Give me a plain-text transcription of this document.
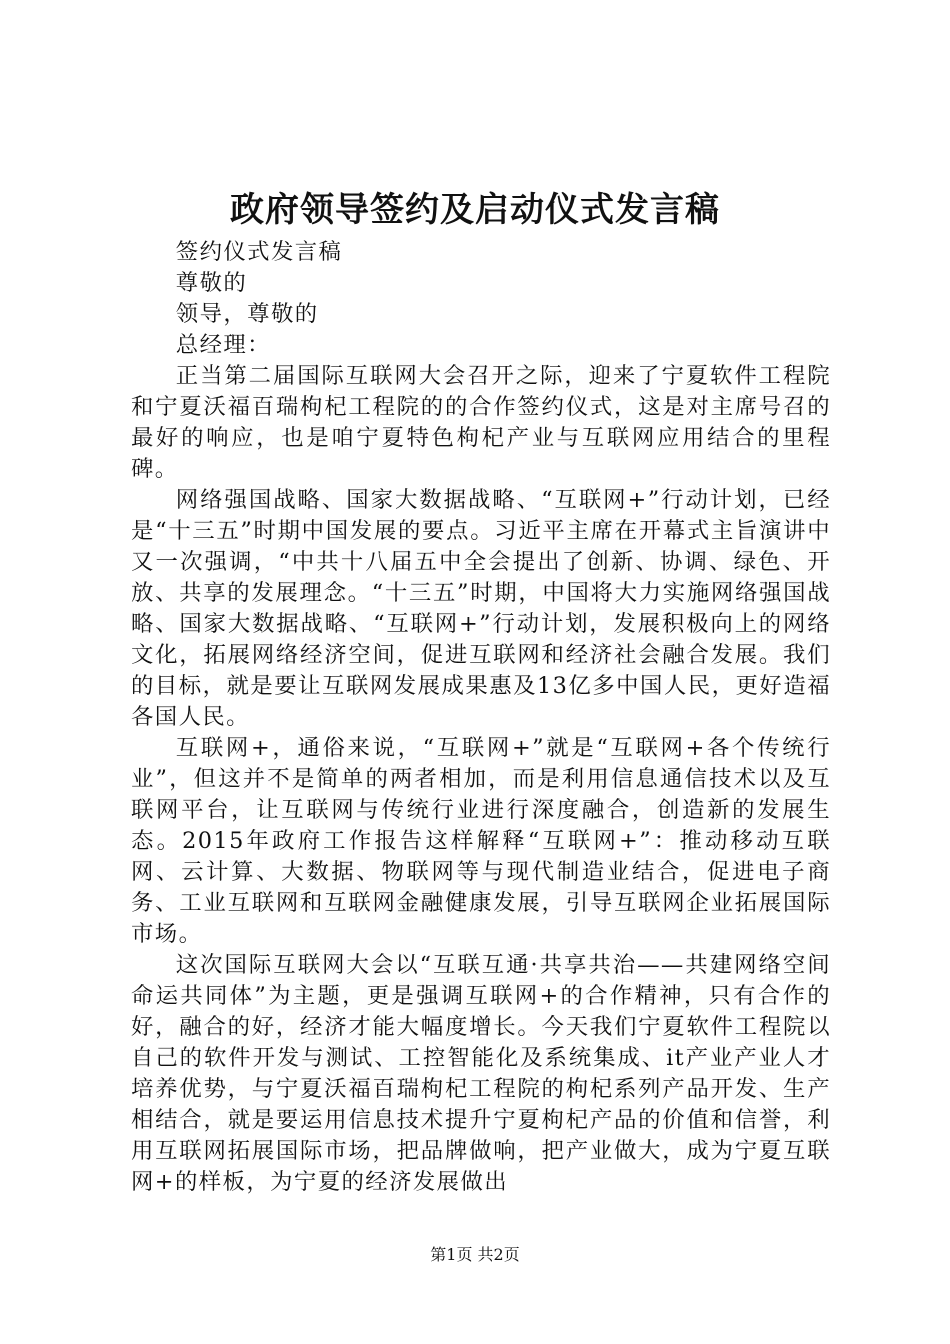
政府领导签约及启动仪式发言稿

签约仪式发言稿

尊敬的

领导，尊敬的

总经理：

正当第二届国际互联网大会召开之际，迎来了宁夏软件工程院和宁夏沃福百瑞枸杞工程院的的合作签约仪式，这是对主席号召的最好的响应，也是咱宁夏特色枸杞产业与互联网应用结合的里程碑。

网络强国战略、国家大数据战略、“互联网+”行动计划，已经是“十三五”时期中国发展的要点。习近平主席在开幕式主旨演讲中又一次强调，“中共十八届五中全会提出了创新、协调、绿色、开放、共享的发展理念。“十三五”时期，中国将大力实施网络强国战略、国家大数据战略、“互联网+”行动计划，发展积极向上的网络文化，拓展网络经济空间，促进互联网和经济社会融合发展。我们的目标，就是要让互联网发展成果惠及13亿多中国人民，更好造福各国人民。

互联网+，通俗来说，“互联网+”就是“互联网+各个传统行业”，但这并不是简单的两者相加，而是利用信息通信技术以及互联网平台，让互联网与传统行业进行深度融合，创造新的发展生态。2015年政府工作报告这样解释“互联网+”：推动移动互联网、云计算、大数据、物联网等与现代制造业结合，促进电子商务、工业互联网和互联网金融健康发展，引导互联网企业拓展国际市场。

这次国际互联网大会以“互联互通·共享共治——共建网络空间命运共同体”为主题，更是强调互联网+的合作精神，只有合作的好，融合的好，经济才能大幅度增长。今天我们宁夏软件工程院以自己的软件开发与测试、工控智能化及系统集成、it产业产业人才培养优势，与宁夏沃福百瑞枸杞工程院的枸杞系列产品开发、生产相结合，就是要运用信息技术提升宁夏枸杞产品的价值和信誉，利用互联网拓展国际市场，把品牌做响，把产业做大，成为宁夏互联网+的样板，为宁夏的经济发展做出

第1页 共2页
